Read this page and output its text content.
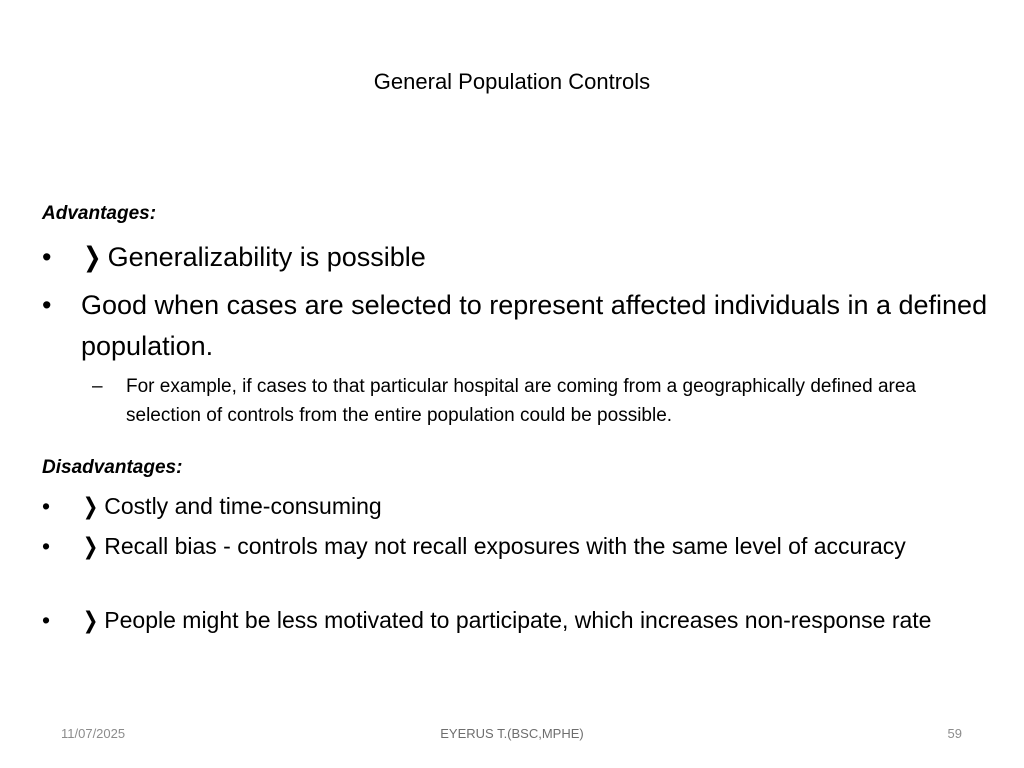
General Population Controls
Advantages:
• ❯ Generalizability is possible
• Good when cases are selected to represent affected individuals in a defined population.
– For example, if cases to that particular hospital are coming from a geographically defined area selection of controls from the entire population could be possible.
Disadvantages:
• ❯ Costly and time-consuming
• ❯ Recall bias - controls may not recall exposures with the same level of accuracy
• ❯ People might be less motivated to participate, which increases non-response rate
11/07/2025	EYERUS T.(BSC,MPHE)	59
